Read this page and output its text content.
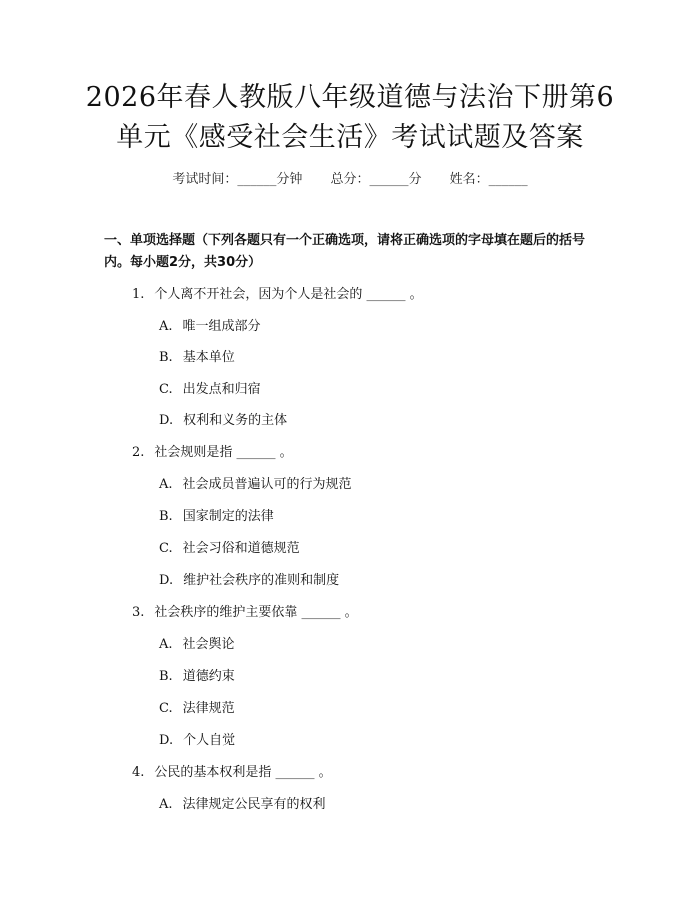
2026年春人教版八年级道德与法治下册第6
单元《感受社会生活》考试试题及答案
考试时间：______分钟 总分：______分 姓名：______
一、单项选择题（下列各题只有一个正确选项，请将正确选项的字母填在题后的括号内。每小题2分，共30分）
1. 个人离不开社会，因为个人是社会的 ______ 。
A. 唯一组成部分
B. 基本单位
C. 出发点和归宿
D. 权利和义务的主体
2. 社会规则是指 ______ 。
A. 社会成员普遍认可的行为规范
B. 国家制定的法律
C. 社会习俗和道德规范
D. 维护社会秩序的准则和制度
3. 社会秩序的维护主要依靠 ______ 。
A. 社会舆论
B. 道德约束
C. 法律规范
D. 个人自觉
4. 公民的基本权利是指 ______ 。
A. 法律规定公民享有的权利
